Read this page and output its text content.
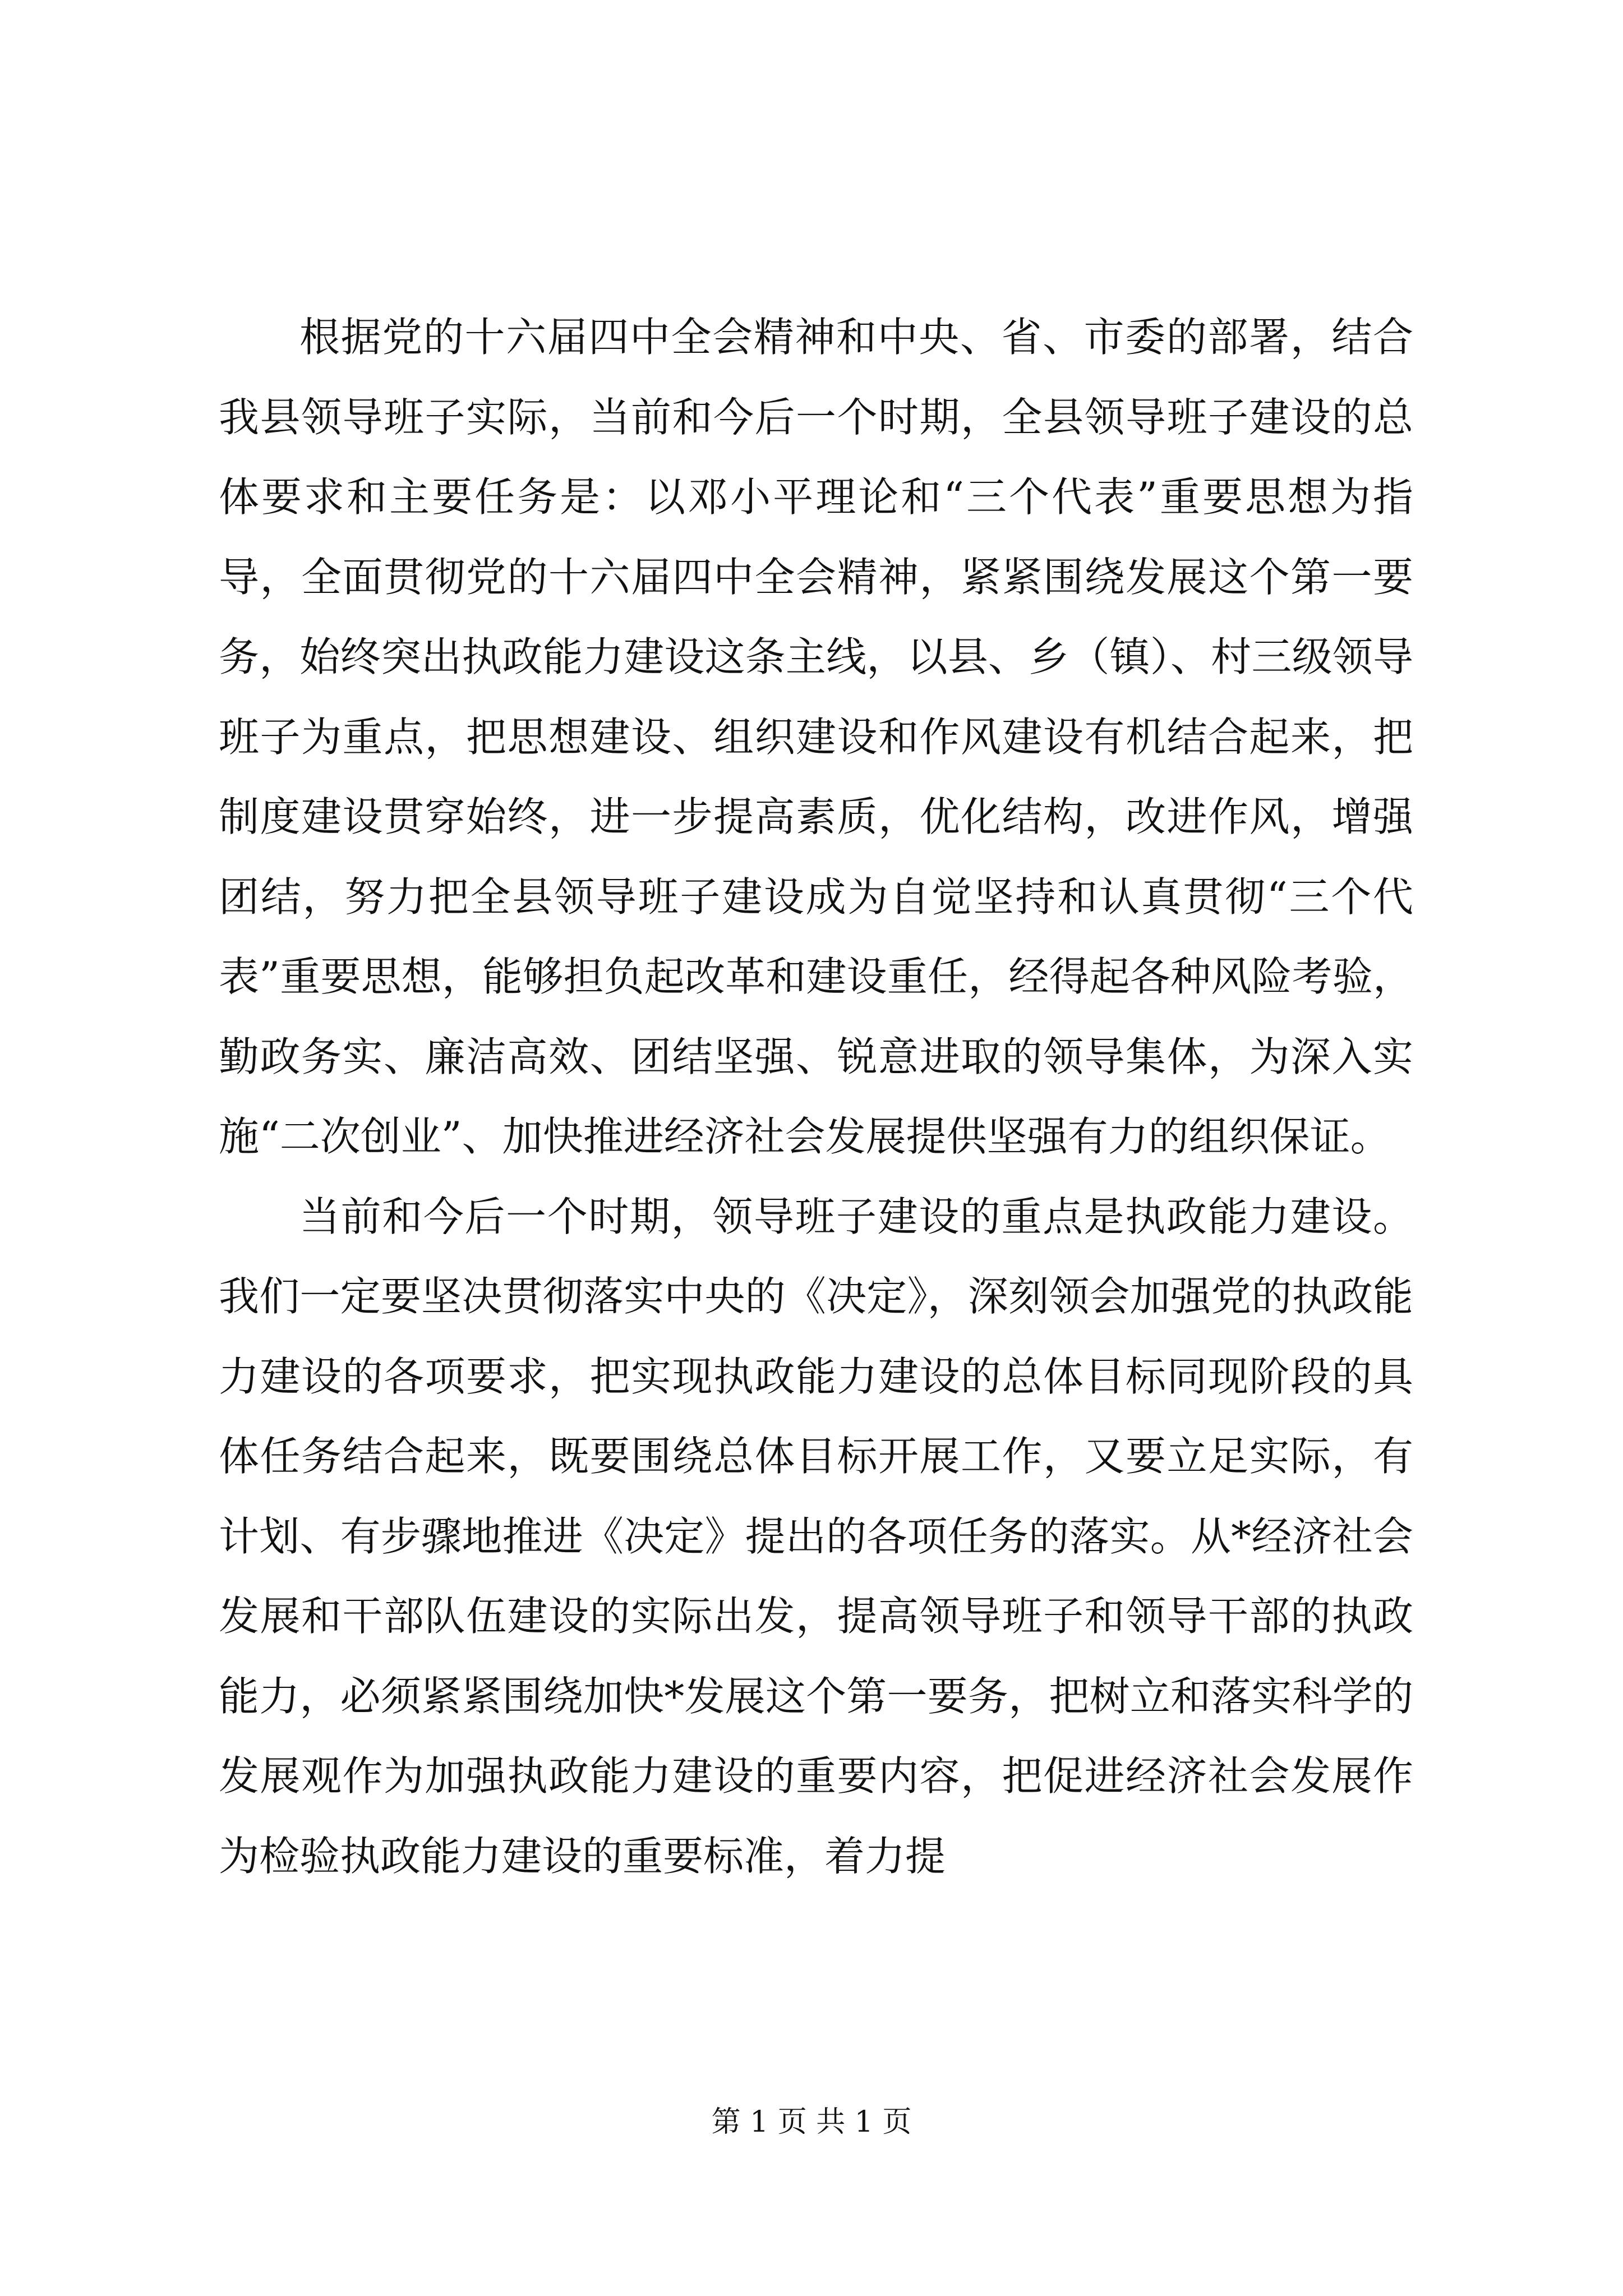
根据党的十六届四中全会精神和中央、省、市委的部署，结合我县领导班子实际，当前和今后一个时期，全县领导班子建设的总体要求和主要任务是：以邓小平理论和“三个代表”重要思想为指导，全面贯彻党的十六届四中全会精神，紧紧围绕发展这个第一要务，始终突出执政能力建设这条主线，以县、乡（镇）、村三级领导班子为重点，把思想建设、组织建设和作风建设有机结合起来，把制度建设贯穿始终，进一步提高素质，优化结构，改进作风，增强团结，努力把全县领导班子建设成为自觉坚持和认真贯彻“三个代表”重要思想，能够担负起改革和建设重任，经得起各种风险考验，勤政务实、廉洁高效、团结坚强、锐意进取的领导集体，为深入实施“二次创业”、加快推进经济社会发展提供坚强有力的组织保证。

当前和今后一个时期，领导班子建设的重点是执政能力建设。我们一定要坚决贯彻落实中央的《决定》，深刻领会加强党的执政能力建设的各项要求，把实现执政能力建设的总体目标同现阶段的具体任务结合起来，既要围绕总体目标开展工作，又要立足实际，有计划、有步骤地推进《决定》提出的各项任务的落实。从*经济社会发展和干部队伍建设的实际出发，提高领导班子和领导干部的执政能力，必须紧紧围绕加快*发展这个第一要务，把树立和落实科学的发展观作为加强执政能力建设的重要内容，把促进经济社会发展作为检验执政能力建设的重要标准，着力提

第 1 页 共 1 页
